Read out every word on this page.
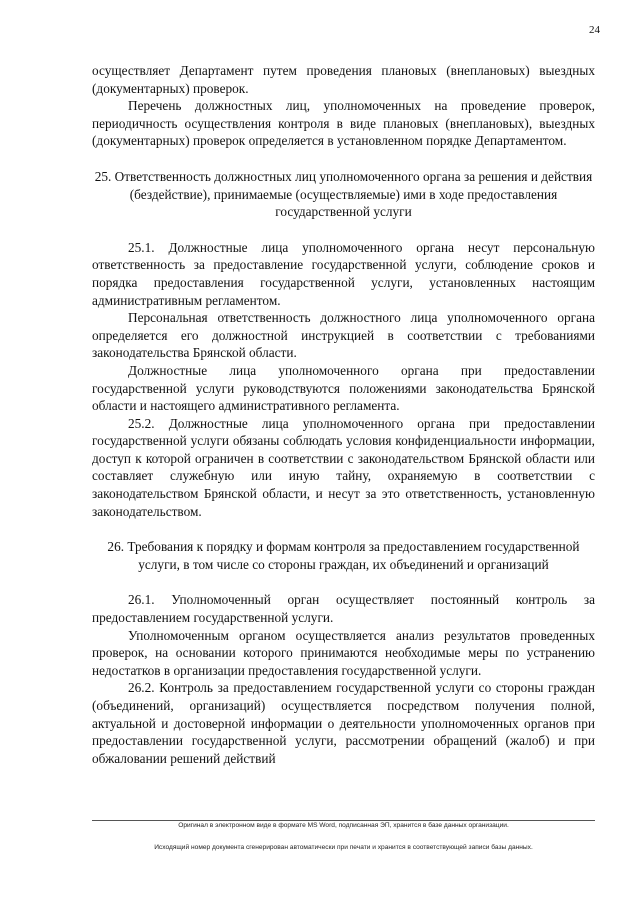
24

осуществляет Департамент путем проведения плановых (внеплановых) выездных (документарных) проверок.

Перечень должностных лиц, уполномоченных на проведение проверок, периодичность осуществления контроля в виде плановых (внеплановых), выездных (документарных) проверок определяется в установленном порядке Департаментом.

25. Ответственность должностных лиц уполномоченного органа за решения и действия (бездействие), принимаемые (осуществляемые) ими в ходе предоставления государственной услуги

25.1. Должностные лица уполномоченного органа несут персональную ответственность за предоставление государственной услуги, соблюдение сроков и порядка предоставления государственной услуги, установленных настоящим административным регламентом.

Персональная ответственность должностного лица уполномоченного органа определяется его должностной инструкцией в соответствии с требованиями законодательства Брянской области.

Должностные лица уполномоченного органа при предоставлении государственной услуги руководствуются положениями законодательства Брянской области и настоящего административного регламента.

25.2. Должностные лица уполномоченного органа при предоставлении государственной услуги обязаны соблюдать условия конфиденциальности информации, доступ к которой ограничен в соответствии с законодательством Брянской области или составляет служебную или иную тайну, охраняемую в соответствии с законодательством Брянской области, и несут за это ответственность, установленную законодательством.

26. Требования к порядку и формам контроля за предоставлением государственной услуги, в том числе со стороны граждан, их объединений и организаций

26.1. Уполномоченный орган осуществляет постоянный контроль за предоставлением государственной услуги.

Уполномоченным органом осуществляется анализ результатов проведенных проверок, на основании которого принимаются необходимые меры по устранению недостатков в организации предоставления государственной услуги.

26.2. Контроль за предоставлением государственной услуги со стороны граждан (объединений, организаций) осуществляется посредством получения полной, актуальной и достоверной информации о деятельности уполномоченных органов при предоставлении государственной услуги, рассмотрении обращений (жалоб) и при обжаловании решений действий

Оригинал в электронном виде в формате MS Word, подписанная ЭП, хранится в базе данных организации.
Исходящий номер документа сгенерирован автоматически при печати и хранится в соответствующей записи базы данных.
